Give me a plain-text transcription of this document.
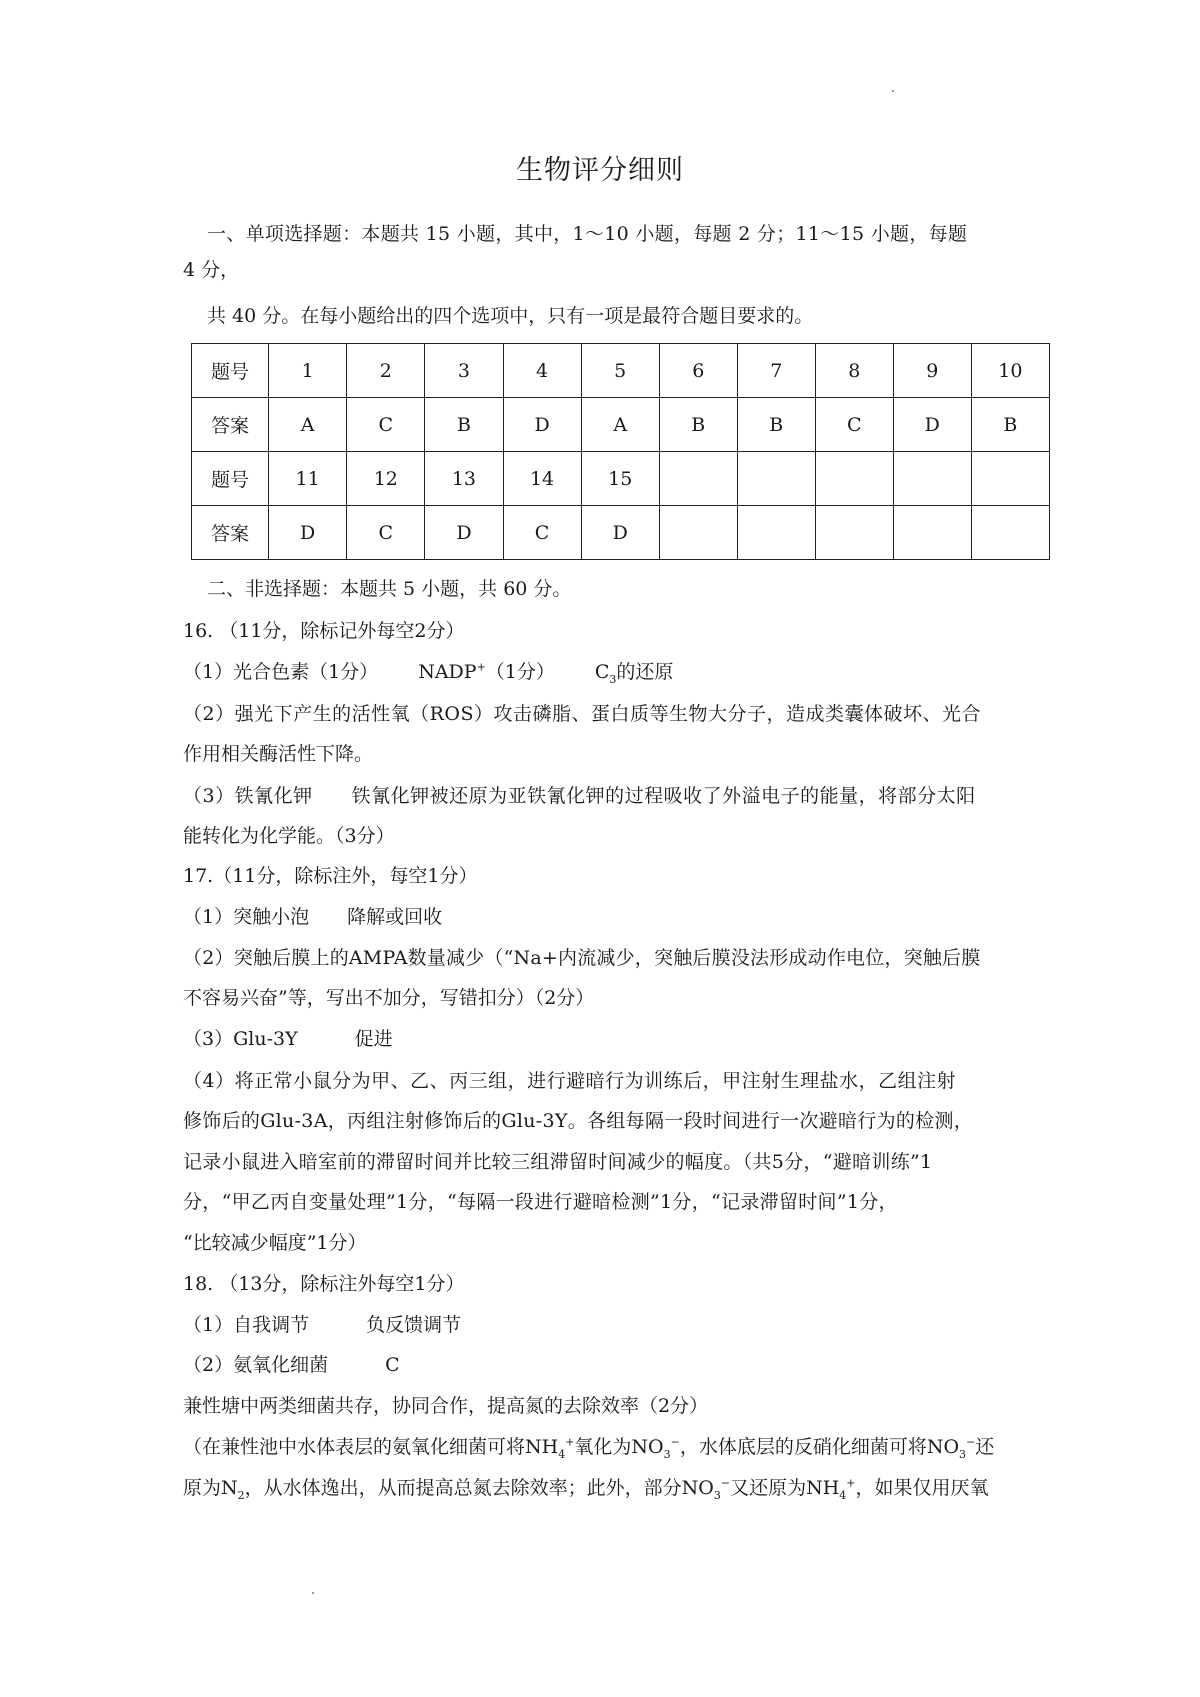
生物评分细则
一、单项选择题：本题共 15 小题，其中，1～10 小题，每题 2 分；11～15 小题，每题
4 分，
共 40 分。在每小题给出的四个选项中，只有一项是最符合题目要求的。
题号	1	2	3	4	5	6	7	8	9	10
答案	A	C	B	D	A	B	B	C	D	B
题号	11	12	13	14	15					
答案	D	C	D	C	D					
二、非选择题：本题共 5 小题，共 60 分。
16. （11分，除标记外每空2分）
（1）光合色素（1分） NADP+（1分） $C_3$的还原
（2）强光下产生的活性氧（ROS）攻击磷脂、蛋白质等生物大分子，造成类囊体破坏、光合
作用相关酶活性下降。
（3）铁氰化钾　　铁氰化钾被还原为亚铁氰化钾的过程吸收了外溢电子的能量，将部分太阳
能转化为化学能。（3分）
17.（11分，除标注外，每空1分）
（1）突触小泡　　降解或回收
（2）突触后膜上的AMPA数量减少（“Na+内流减少，突触后膜没法形成动作电位，突触后膜
不容易兴奋”等，写出不加分，写错扣分）（2分）
（3）Glu-3Y　　　促进
（4）将正常小鼠分为甲、乙、丙三组，进行避暗行为训练后，甲注射生理盐水，乙组注射
修饰后的Glu-3A，丙组注射修饰后的Glu-3Y。各组每隔一段时间进行一次避暗行为的检测，
记录小鼠进入暗室前的滞留时间并比较三组滞留时间减少的幅度。（共5分，“避暗训练”1
分，“甲乙丙自变量处理”1分，“每隔一段进行避暗检测”1分，“记录滞留时间”1分，
“比较减少幅度”1分）
18. （13分，除标注外每空1分）
（1）自我调节　　　负反馈调节
（2）氨氧化细菌　　　C
兼性塘中两类细菌共存，协同合作，提高氮的去除效率（2分）
（在兼性池中水体表层的氨氧化细菌可将$NH_4^+$氧化为$NO_3^-$，水体底层的反硝化细菌可将$NO_3^-$还
原为$N_2$，从水体逸出，从而提高总氮去除效率；此外，部分$NO_3^-$又还原为$NH_4^+$，如果仅用厌氧
